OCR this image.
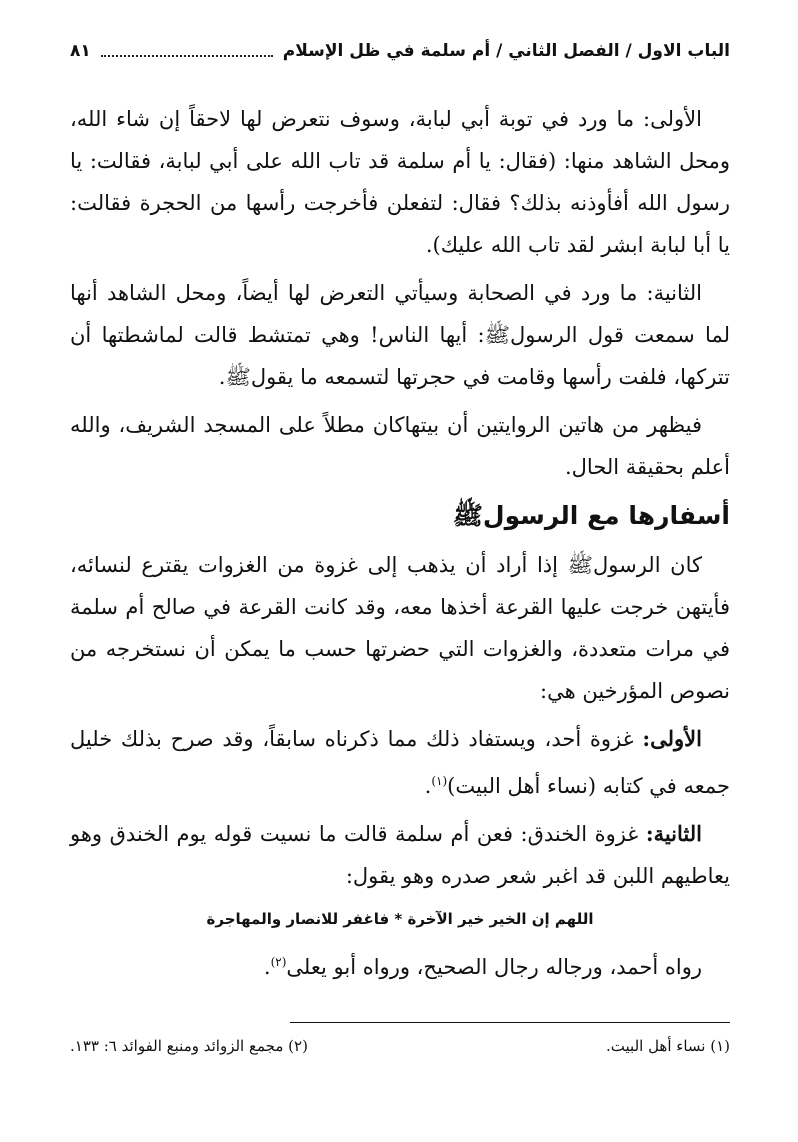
الباب الاول / الفصل الثاني / أم سلمة في ظل الإسلام
٨١

الأولى: ما ورد في توبة أبي لبابة، وسوف نتعرض لها لاحقاً إن شاء الله، ومحل الشاهد منها: (فقال: يا أم سلمة قد تاب الله على أبي لبابة، فقالت: يا رسول الله أفأوذنه بذلك؟ فقال: لتفعلن فأخرجت رأسها من الحجرة فقالت: يا أبا لبابة ابشر لقد تاب الله عليك).

الثانية: ما ورد في الصحابة وسيأتي التعرض لها أيضاً، ومحل الشاهد أنها لما سمعت قول الرسولﷺ: أيها الناس! وهي تمتشط قالت لماشطتها أن تتركها، فلفت رأسها وقامت في حجرتها لتسمعه ما يقولﷺ.

فيظهر من هاتين الروايتين أن بيتهاكان مطلاً على المسجد الشريف، والله أعلم بحقيقة الحال.

أسفارها مع الرسولﷺ

كان الرسولﷺ إذا أراد أن يذهب إلى غزوة من الغزوات يقترع لنسائه، فأيتهن خرجت عليها القرعة أخذها معه، وقد كانت القرعة في صالح أم سلمة في مرات متعددة، والغزوات التي حضرتها حسب ما يمكن أن نستخرجه من نصوص المؤرخين هي:

الأولى: غزوة أحد، ويستفاد ذلك مما ذكرناه سابقاً، وقد صرح بذلك خليل جمعه في كتابه (نساء أهل البيت)$^{(١)}$.

الثانية: غزوة الخندق: فعن أم سلمة قالت ما نسيت قوله يوم الخندق وهو يعاطيهم اللبن قد اغبر شعر صدره وهو يقول:

اللهم إن الخير خير الآخرة * فاغفر للانصار والمهاجرة

رواه أحمد، ورجاله رجال الصحيح، ورواه أبو يعلى$^{(٢)}$.

(١) نساء أهل البيت.
(٢) مجمع الزوائد ومنبع الفوائد ٦: ١٣٣.
